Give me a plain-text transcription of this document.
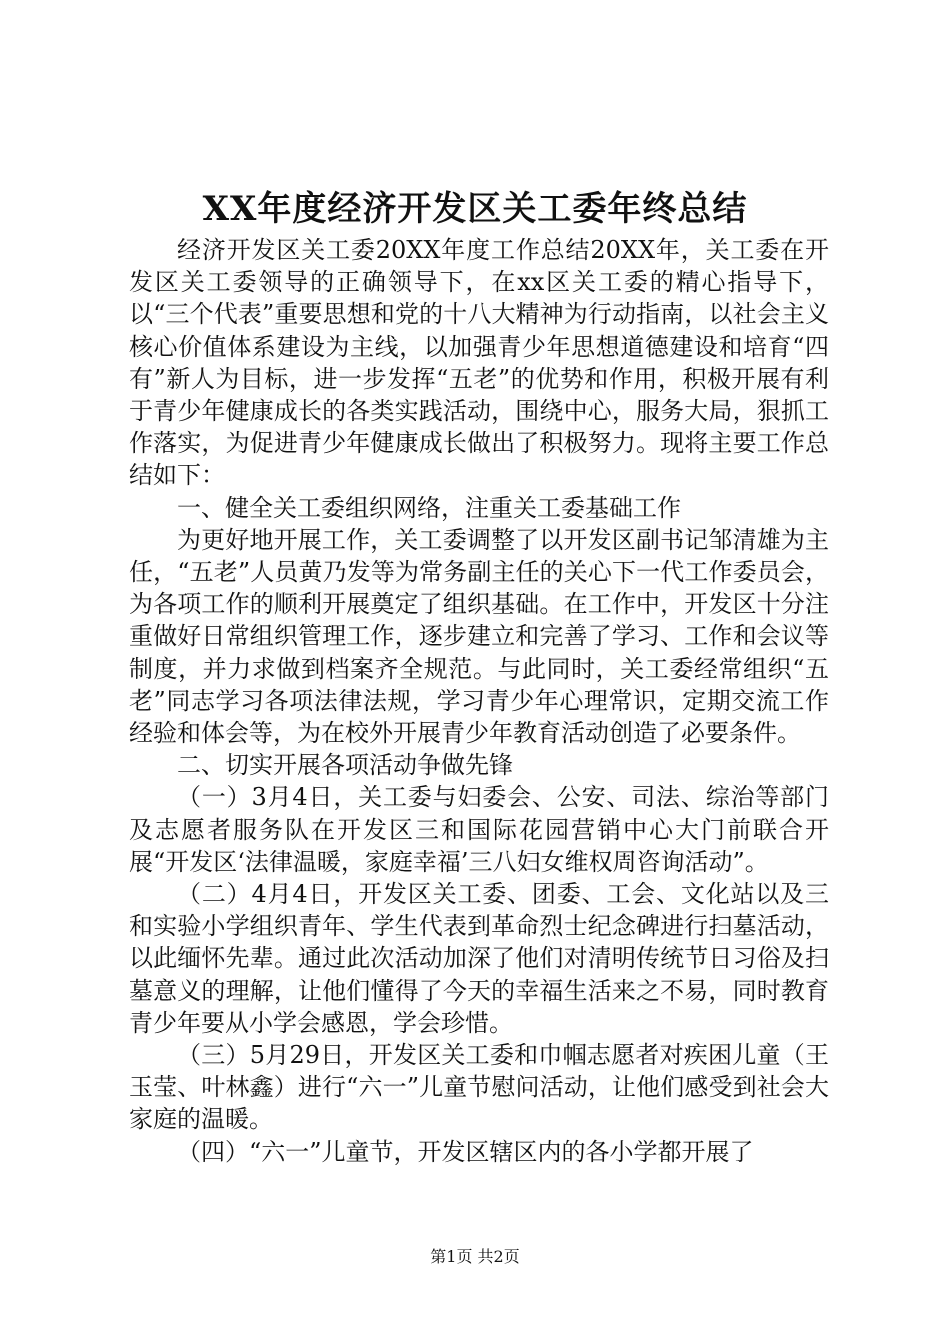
XX年度经济开发区关工委年终总结

经济开发区关工委20XX年度工作总结20XX年，关工委在开发区关工委领导的正确领导下，在xx区关工委的精心指导下，以“三个代表”重要思想和党的十八大精神为行动指南，以社会主义核心价值体系建设为主线，以加强青少年思想道德建设和培育“四有”新人为目标，进一步发挥“五老”的优势和作用，积极开展有利于青少年健康成长的各类实践活动，围绕中心，服务大局，狠抓工作落实，为促进青少年健康成长做出了积极努力。现将主要工作总结如下：

一、健全关工委组织网络，注重关工委基础工作

为更好地开展工作，关工委调整了以开发区副书记邹清雄为主任，“五老”人员黄乃发等为常务副主任的关心下一代工作委员会，为各项工作的顺利开展奠定了组织基础。在工作中，开发区十分注重做好日常组织管理工作，逐步建立和完善了学习、工作和会议等制度，并力求做到档案齐全规范。与此同时，关工委经常组织“五老”同志学习各项法律法规，学习青少年心理常识，定期交流工作经验和体会等，为在校外开展青少年教育活动创造了必要条件。

二、切实开展各项活动争做先锋

（一）3月4日，关工委与妇委会、公安、司法、综治等部门及志愿者服务队在开发区三和国际花园营销中心大门前联合开展“开发区‘法律温暖，家庭幸福’三八妇女维权周咨询活动”。

（二）4月4日，开发区关工委、团委、工会、文化站以及三和实验小学组织青年、学生代表到革命烈士纪念碑进行扫墓活动，以此缅怀先辈。通过此次活动加深了他们对清明传统节日习俗及扫墓意义的理解，让他们懂得了今天的幸福生活来之不易，同时教育青少年要从小学会感恩，学会珍惜。

（三）5月29日，开发区关工委和巾帼志愿者对疾困儿童（王玉莹、叶林鑫）进行“六一”儿童节慰问活动，让他们感受到社会大家庭的温暖。

（四）“六一”儿童节，开发区辖区内的各小学都开展了

第1页 共2页
